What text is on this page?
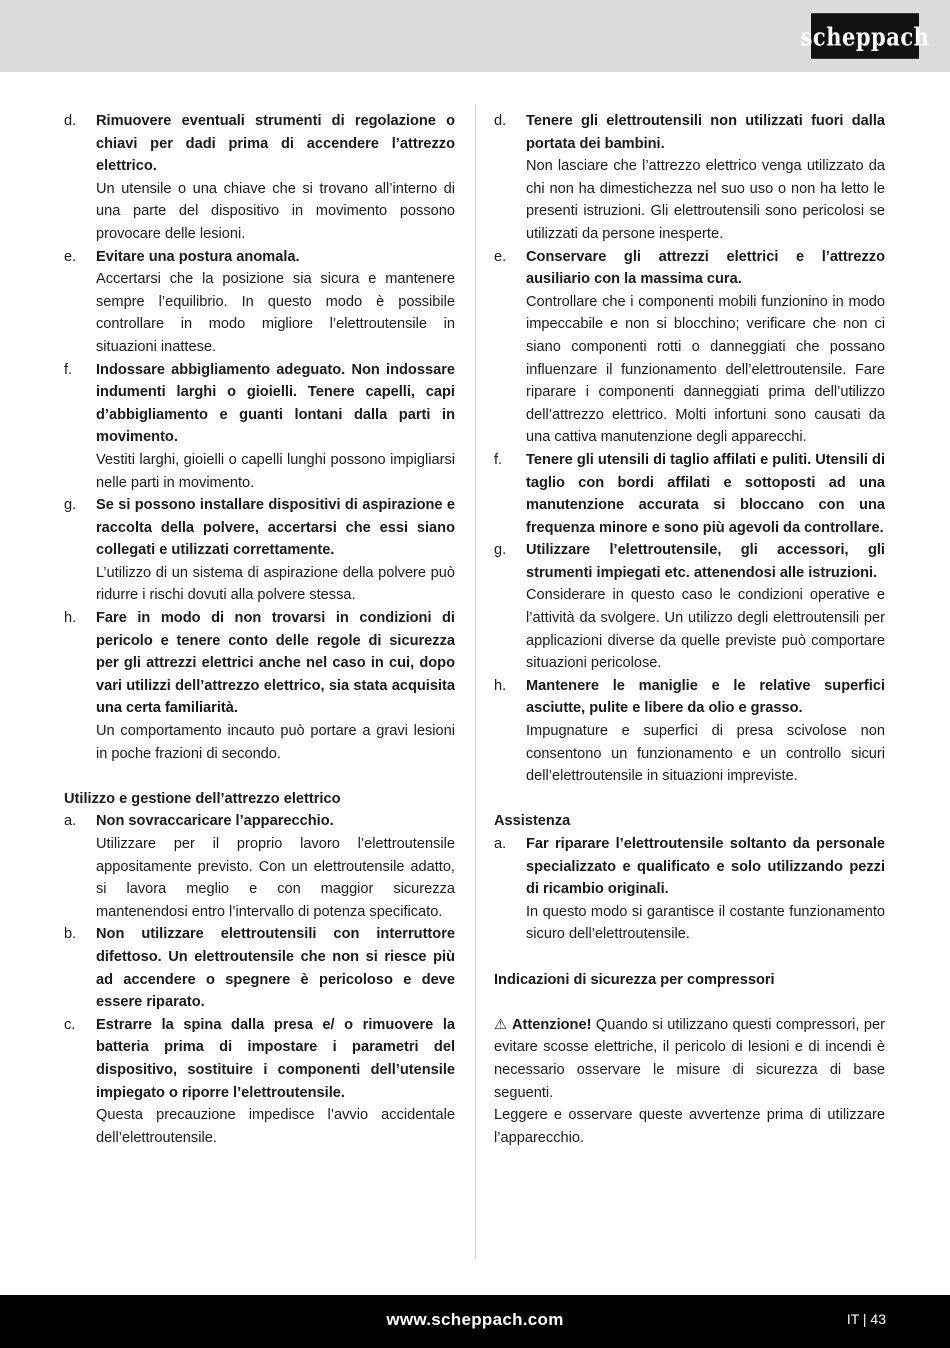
scheppach
d. Rimuovere eventuali strumenti di regolazione o chiavi per dadi prima di accendere l’attrezzo elettrico.
Un utensile o una chiave che si trovano all’interno di una parte del dispositivo in movimento possono provocare delle lesioni.
e. Evitare una postura anomala.
Accertarsi che la posizione sia sicura e mantenere sempre l’equilibrio. In questo modo è possibile controllare in modo migliore l’elettroutensile in situazioni inattese.
f. Indossare abbigliamento adeguato. Non indossare indumenti larghi o gioielli. Tenere capelli, capi d’abbigliamento e guanti lontani dalla parti in movimento.
Vestiti larghi, gioielli o capelli lunghi possono impigliarsi nelle parti in movimento.
g. Se si possono installare dispositivi di aspirazione e raccolta della polvere, accertarsi che essi siano collegati e utilizzati correttamente.
L’utilizzo di un sistema di aspirazione della polvere può ridurre i rischi dovuti alla polvere stessa.
h. Fare in modo di non trovarsi in condizioni di pericolo e tenere conto delle regole di sicurezza per gli attrezzi elettrici anche nel caso in cui, dopo vari utilizzi dell’attrezzo elettrico, sia stata acquisita una certa familiarità.
Un comportamento incauto può portare a gravi lesioni in poche frazioni di secondo.
Utilizzo e gestione dell’attrezzo elettrico
a. Non sovraccaricare l’apparecchio.
Utilizzare per il proprio lavoro l’elettroutensile appositamente previsto. Con un elettroutensile adatto, si lavora meglio e con maggior sicurezza mantenendosi entro l’intervallo di potenza specificato.
b. Non utilizzare elettroutensili con interruttore difettoso. Un elettroutensile che non si riesce più ad accendere o spegnere è pericoloso e deve essere riparato.
c. Estrarre la spina dalla presa e/ o rimuovere la batteria prima di impostare i parametri del dispositivo, sostituire i componenti dell’utensile impiegato o riporre l’elettroutensile.
Questa precauzione impedisce l’avvio accidentale dell’elettroutensile.
d. Tenere gli elettroutensili non utilizzati fuori dalla portata dei bambini.
Non lasciare che l’attrezzo elettrico venga utilizzato da chi non ha dimestichezza nel suo uso o non ha letto le presenti istruzioni. Gli elettroutensili sono pericolosi se utilizzati da persone inesperte.
e. Conservare gli attrezzi elettrici e l’attrezzo ausiliario con la massima cura.
Controllare che i componenti mobili funzionino in modo impeccabile e non si blocchino; verificare che non ci siano componenti rotti o danneggiati che possano influenzare il funzionamento dell’elettroutensile. Fare riparare i componenti danneggiati prima dell’utilizzo dell’attrezzo elettrico. Molti infortuni sono causati da una cattiva manutenzione degli apparecchi.
f. Tenere gli utensili di taglio affilati e puliti. Utensili di taglio con bordi affilati e sottoposti ad una manutenzione accurata si bloccano con una frequenza minore e sono più agevoli da controllare.
g. Utilizzare l’elettroutensile, gli accessori, gli strumenti impiegati etc. attenendosi alle istruzioni.
Considerare in questo caso le condizioni operative e l’attività da svolgere. Un utilizzo degli elettroutensili per applicazioni diverse da quelle previste può comportare situazioni pericolose.
h. Mantenere le maniglie e le relative superfici asciutte, pulite e libere da olio e grasso.
Impugnature e superfici di presa scivolose non consentono un funzionamento e un controllo sicuri dell’elettroutensile in situazioni impreviste.
Assistenza
a. Far riparare l’elettroutensile soltanto da personale specializzato e qualificato e solo utilizzando pezzi di ricambio originali.
In questo modo si garantisce il costante funzionamento sicuro dell’elettroutensile.
Indicazioni di sicurezza per compressori
⚠ Attenzione! Quando si utilizzano questi compressori, per evitare scosse elettriche, il pericolo di lesioni e di incendi è necessario osservare le misure di sicurezza di base seguenti.
Leggere e osservare queste avvertenze prima di utilizzare l’apparecchio.
www.scheppach.com	IT | 43
